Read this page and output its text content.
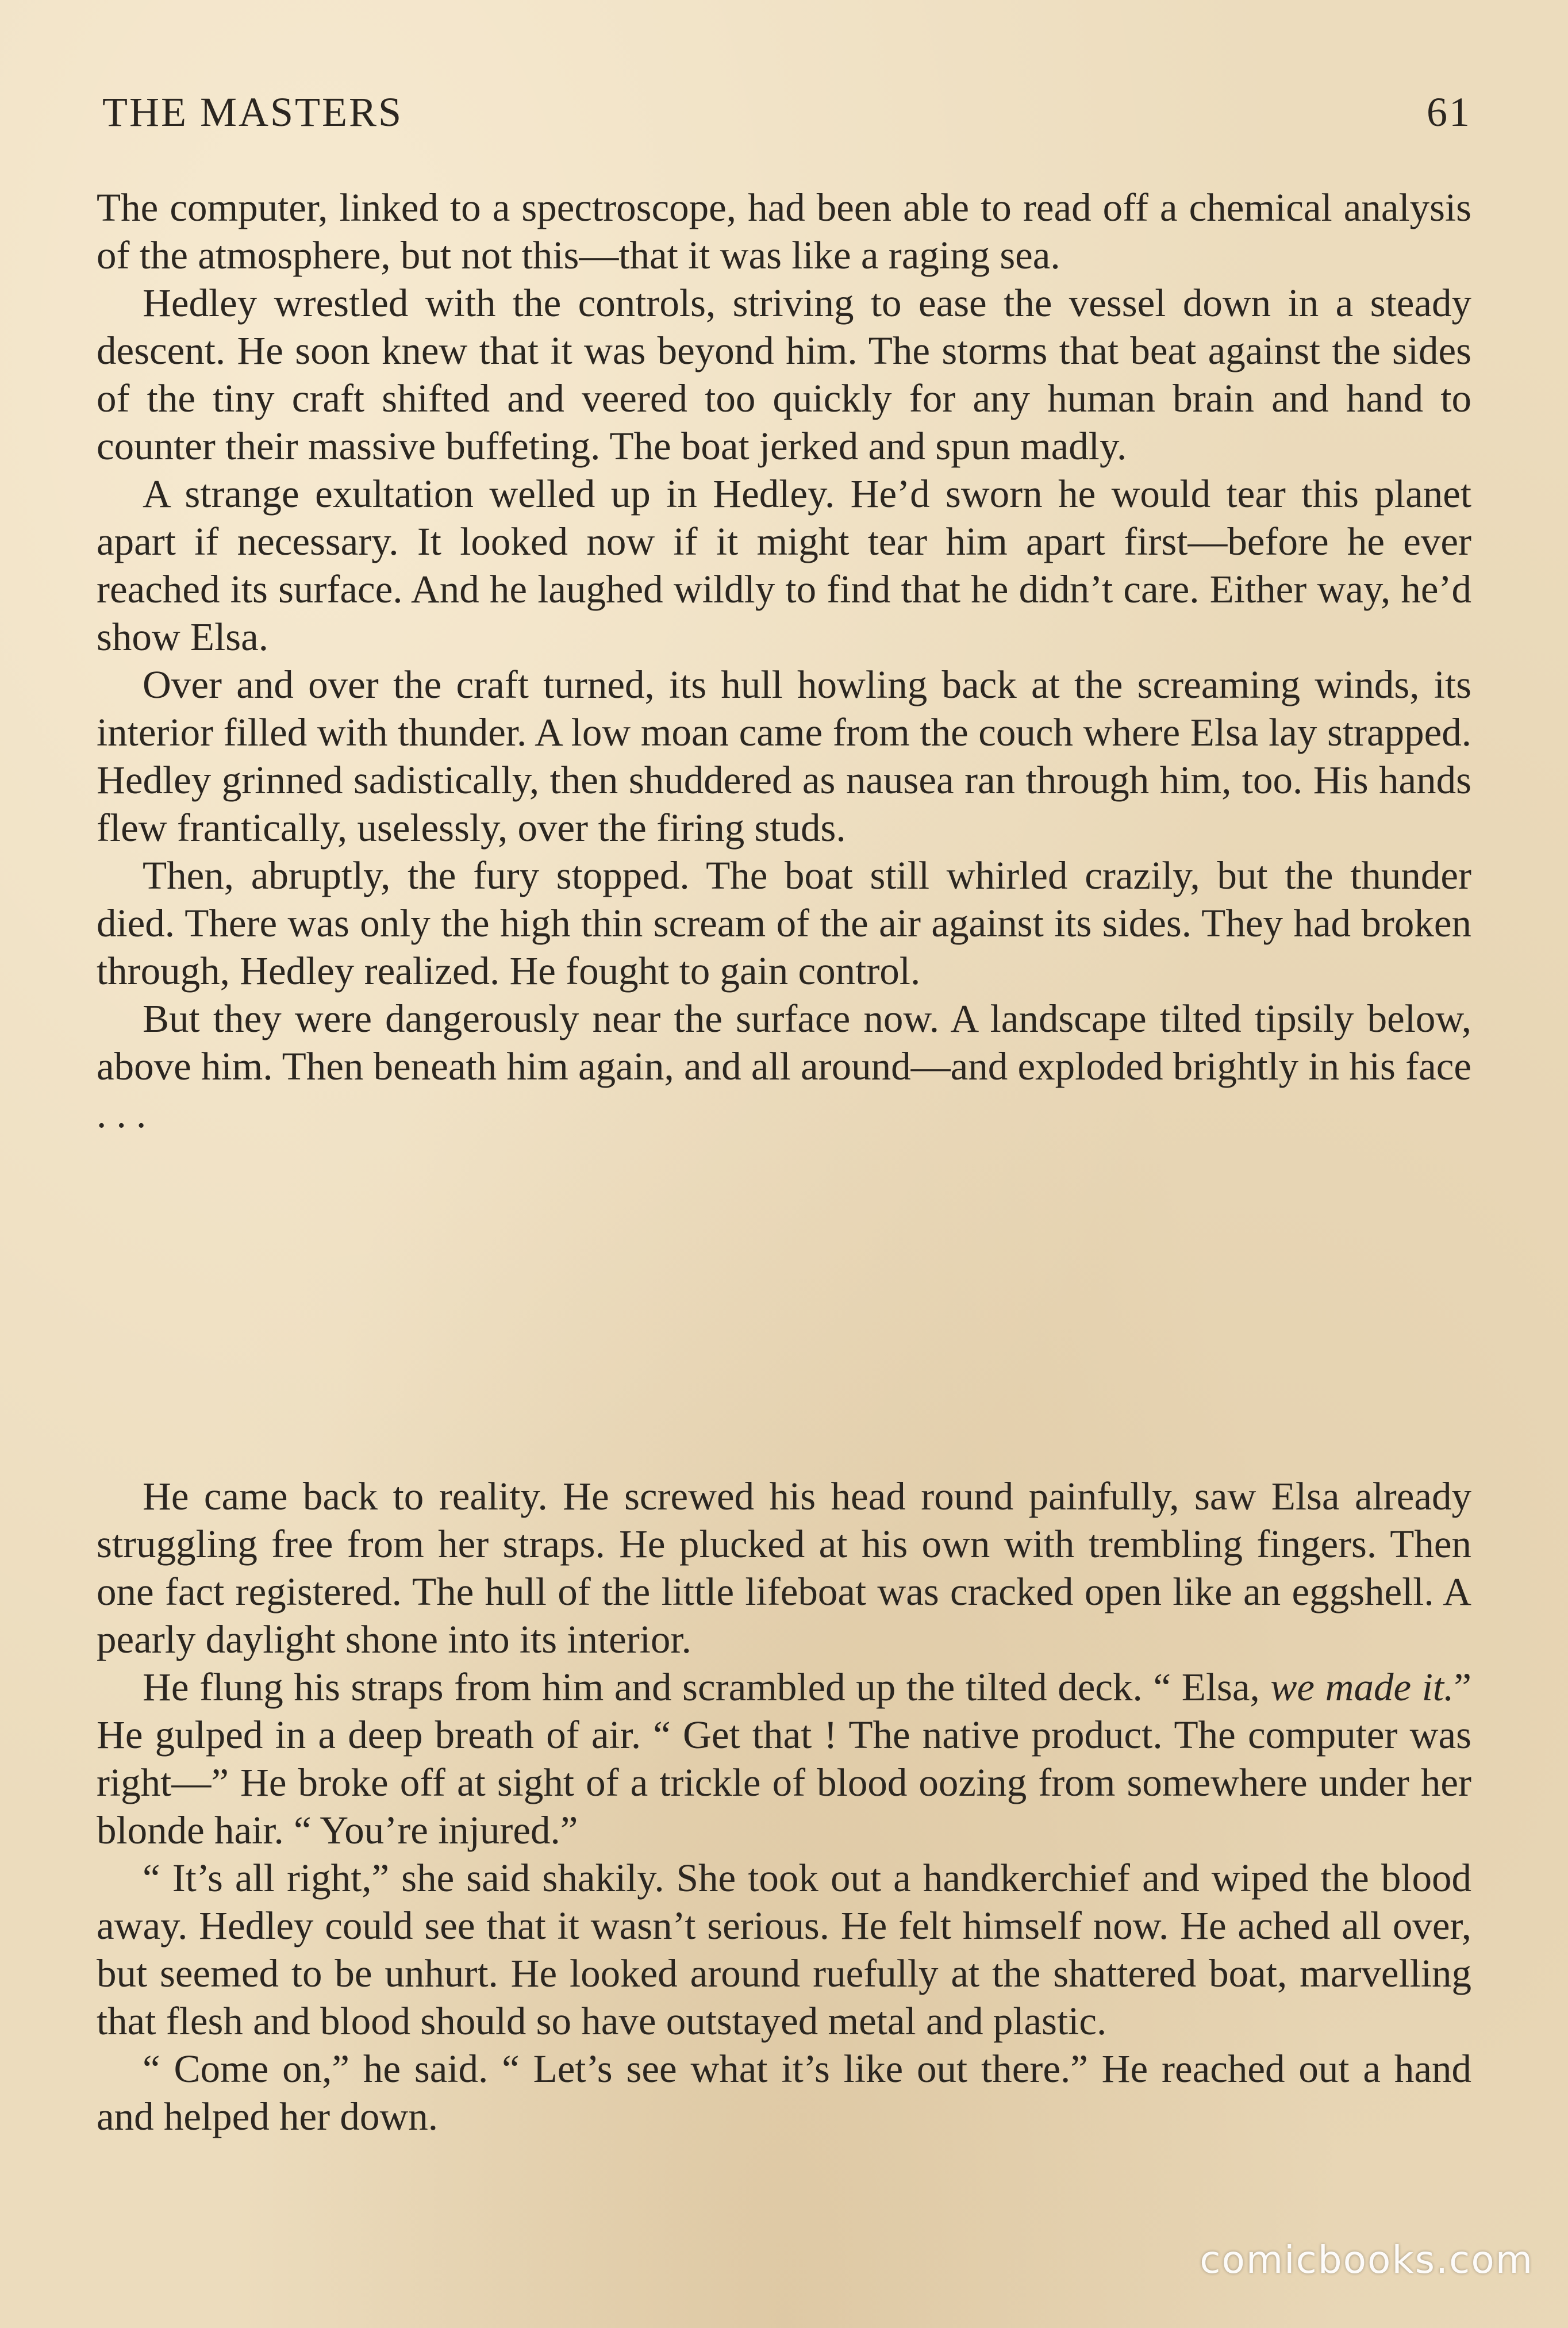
THE MASTERS	61

The computer, linked to a spectroscope, had been able to read off a chemical analysis of the atmosphere, but not this—that it was like a raging sea.

Hedley wrestled with the controls, striving to ease the vessel down in a steady descent. He soon knew that it was beyond him. The storms that beat against the sides of the tiny craft shifted and veered too quickly for any human brain and hand to counter their massive buffeting. The boat jerked and spun madly.

A strange exultation welled up in Hedley. He’d sworn he would tear this planet apart if necessary. It looked now if it might tear him apart first—before he ever reached its surface. And he laughed wildly to find that he didn’t care. Either way, he’d show Elsa.

Over and over the craft turned, its hull howling back at the screaming winds, its interior filled with thunder. A low moan came from the couch where Elsa lay strapped. Hedley grinned sadistically, then shuddered as nausea ran through him, too. His hands flew frantically, uselessly, over the firing studs.

Then, abruptly, the fury stopped. The boat still whirled crazily, but the thunder died. There was only the high thin scream of the air against its sides. They had broken through, Hedley realized. He fought to gain control.

But they were dangerously near the surface now. A landscape tilted tipsily below, above him. Then beneath him again, and all around—and exploded brightly in his face . . .

He came back to reality. He screwed his head round painfully, saw Elsa already struggling free from her straps. He plucked at his own with trembling fingers. Then one fact registered. The hull of the little lifeboat was cracked open like an eggshell. A pearly daylight shone into its interior.

He flung his straps from him and scrambled up the tilted deck. “ Elsa, we made it.” He gulped in a deep breath of air. “ Get that ! The native product. The computer was right—” He broke off at sight of a trickle of blood oozing from somewhere under her blonde hair. “ You’re injured.”

“ It’s all right,” she said shakily. She took out a handkerchief and wiped the blood away. Hedley could see that it wasn’t serious. He felt himself now. He ached all over, but seemed to be unhurt. He looked around ruefully at the shattered boat, marvelling that flesh and blood should so have outstayed metal and plastic.

“ Come on,” he said. “ Let’s see what it’s like out there.” He reached out a hand and helped her down.

comicbooks.com
